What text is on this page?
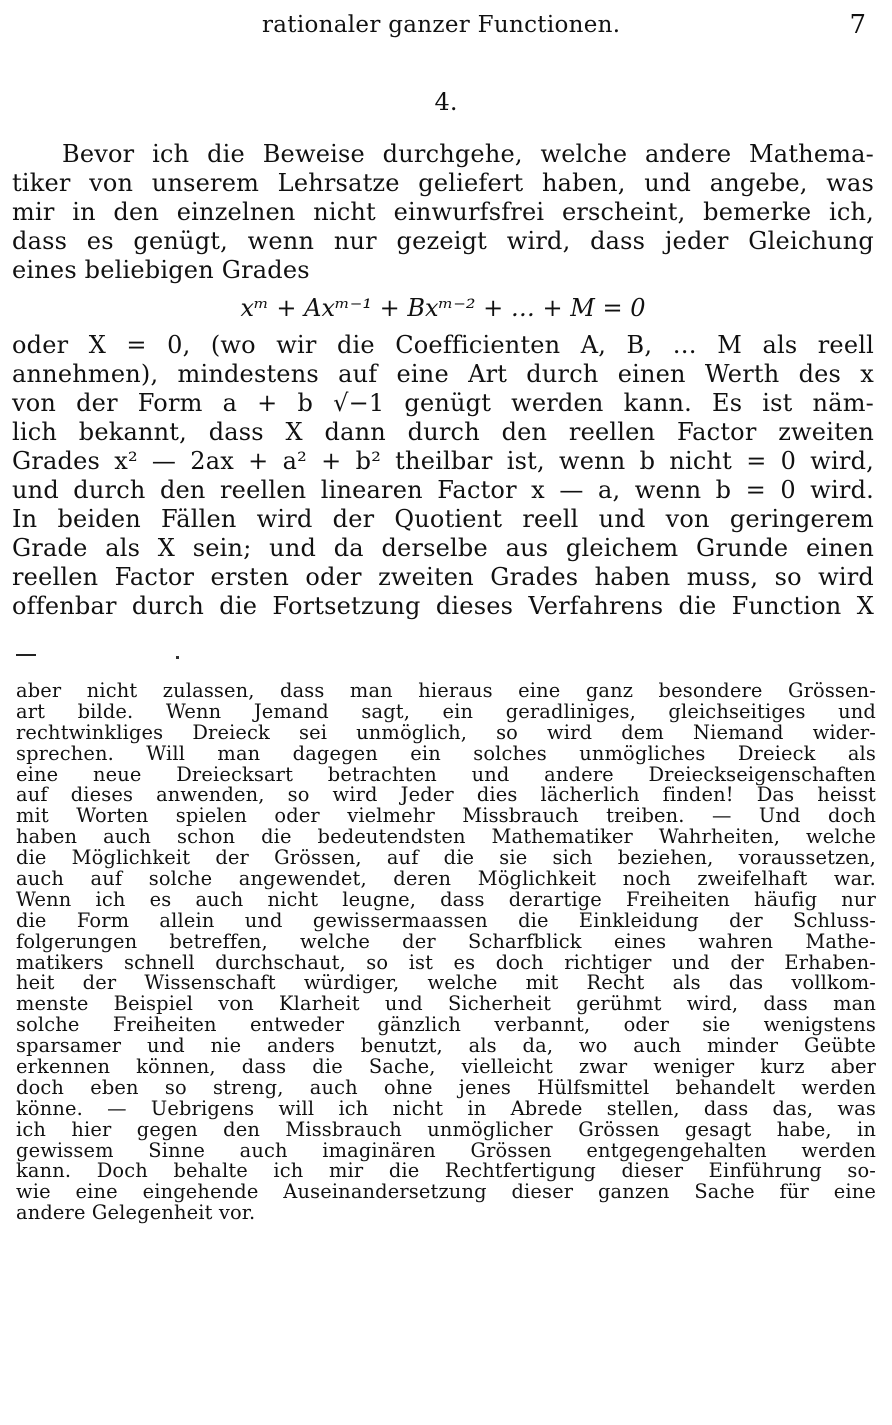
rationaler ganzer Functionen.	7
4.
Bevor ich die Beweise durchgehe, welche andere Mathema-
tiker von unserem Lehrsatze geliefert haben, und angebe, was
mir in den einzelnen nicht einwurfsfrei erscheint, bemerke ich,
dass es genügt, wenn nur gezeigt wird, dass jeder Gleichung
eines beliebigen Grades
xᵐ + Axᵐ⁻¹ + Bxᵐ⁻² + … + M = 0
oder X = 0, (wo wir die Coefficienten A, B, … M als reell
annehmen), mindestens auf eine Art durch einen Werth des x
von der Form a + b √−1 genügt werden kann. Es ist näm-
lich bekannt, dass X dann durch den reellen Factor zweiten
Grades x² — 2ax + a² + b² theilbar ist, wenn b nicht = 0 wird,
und durch den reellen linearen Factor x — a, wenn b = 0 wird.
In beiden Fällen wird der Quotient reell und von geringerem
Grade als X sein; und da derselbe aus gleichem Grunde einen
reellen Factor ersten oder zweiten Grades haben muss, so wird
offenbar durch die Fortsetzung dieses Verfahrens die Function X
aber nicht zulassen, dass man hieraus eine ganz besondere Grössen-
art bilde. Wenn Jemand sagt, ein geradliniges, gleichseitiges und
rechtwinkliges Dreieck sei unmöglich, so wird dem Niemand wider-
sprechen. Will man dagegen ein solches unmögliches Dreieck als
eine neue Dreiecksart betrachten und andere Dreieckseigenschaften
auf dieses anwenden, so wird Jeder dies lächerlich finden! Das heisst
mit Worten spielen oder vielmehr Missbrauch treiben. — Und doch
haben auch schon die bedeutendsten Mathematiker Wahrheiten, welche
die Möglichkeit der Grössen, auf die sie sich beziehen, voraussetzen,
auch auf solche angewendet, deren Möglichkeit noch zweifelhaft war.
Wenn ich es auch nicht leugne, dass derartige Freiheiten häufig nur
die Form allein und gewissermaassen die Einkleidung der Schluss-
folgerungen betreffen, welche der Scharfblick eines wahren Mathe-
matikers schnell durchschaut, so ist es doch richtiger und der Erhaben-
heit der Wissenschaft würdiger, welche mit Recht als das vollkom-
menste Beispiel von Klarheit und Sicherheit gerühmt wird, dass man
solche Freiheiten entweder gänzlich verbannt, oder sie wenigstens
sparsamer und nie anders benutzt, als da, wo auch minder Geübte
erkennen können, dass die Sache, vielleicht zwar weniger kurz aber
doch eben so streng, auch ohne jenes Hülfsmittel behandelt werden
könne. — Uebrigens will ich nicht in Abrede stellen, dass das, was
ich hier gegen den Missbrauch unmöglicher Grössen gesagt habe, in
gewissem Sinne auch imaginären Grössen entgegengehalten werden
kann. Doch behalte ich mir die Rechtfertigung dieser Einführung so-
wie eine eingehende Auseinandersetzung dieser ganzen Sache für eine
andere Gelegenheit vor.
